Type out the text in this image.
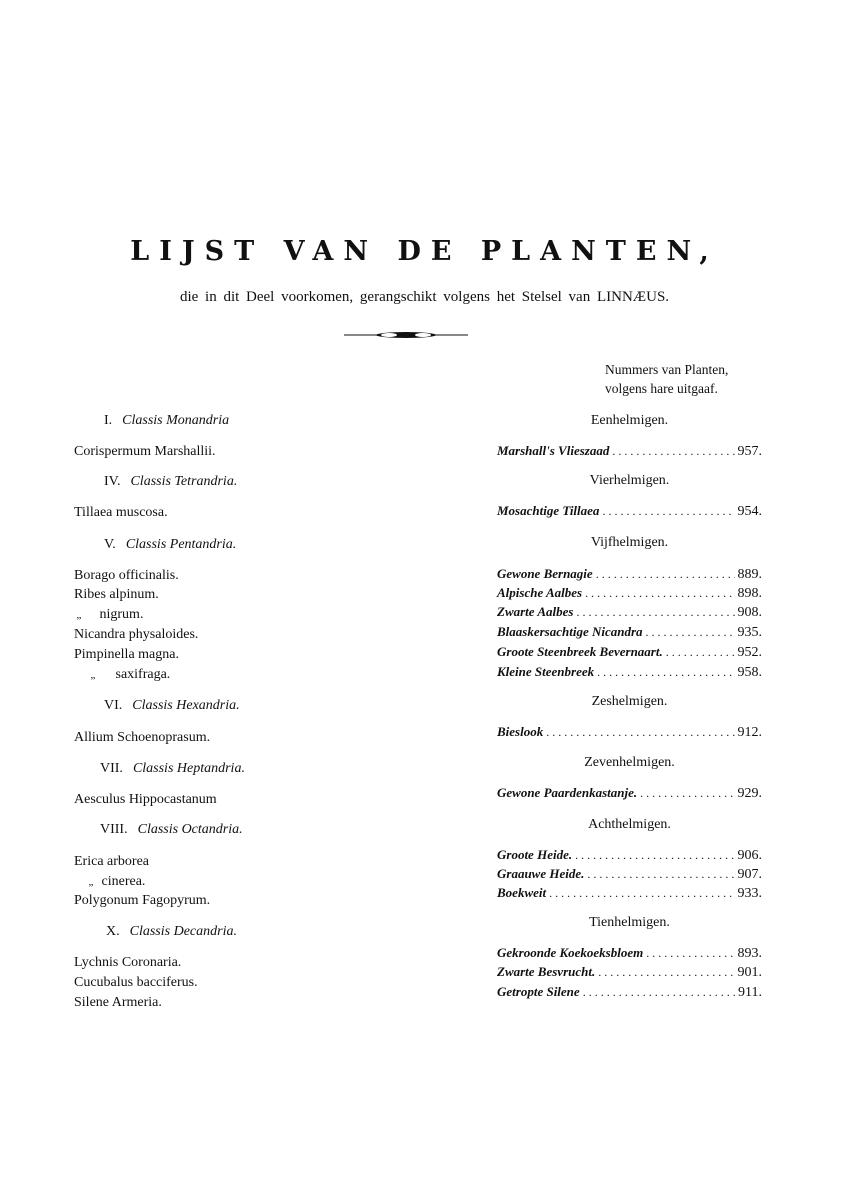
LIJST VAN DE PLANTEN,
die in dit Deel voorkomen, gerangschikt volgens het Stelsel van LINNÆUS.
Nummers van Planten,
volgens hare uitgaaf.
I. Classis Monandria
Corispermum Marshallii.
IV. Classis Tetrandria.
Tillaea muscosa.
V. Classis Pentandria.
Borago officinalis.
Ribes alpinum.
„ nigrum.
Nicandra physaloides.
Pimpinella magna.
„ saxifraga.
VI. Classis Hexandria.
Allium Schoenoprasum.
VII. Classis Heptandria.
Aesculus Hippocastanum
VIII. Classis Octandria.
Erica arborea
„ cinerea.
Polygonum Fagopyrum.
X. Classis Decandria.
Lychnis Coronaria.
Cucubalus bacciferus.
Silene Armeria.
Eenhelmigen.
Marshall's Vlieszaad . . .	957.
Vierhelmigen.
Mosachtige Tillaea . . .	954.
Vijfhelmigen.
Gewone Bernagie . . .	889.
Alpische Aalbes . . .	898.
Zwarte Aalbes . . .	908.
Blaaskersachtige Nicandra . . .	935.
Groote Steenbreek Bevernaart. . . .	952.
Kleine Steenbreek . . .	958.
Zeshelmigen.
Bieslook . . .	912.
Zevenhelmigen.
Gewone Paardenkastanje. . . .	929.
Achthelmigen.
Groote Heide. . . .	906.
Graauwe Heide. . . .	907.
Boekweit . . .	933.
Tienhelmigen.
Gekroonde Koekoeksbloem . . .	893.
Zwarte Besvrucht. . . .	901.
Getropte Silene . . .	911.
